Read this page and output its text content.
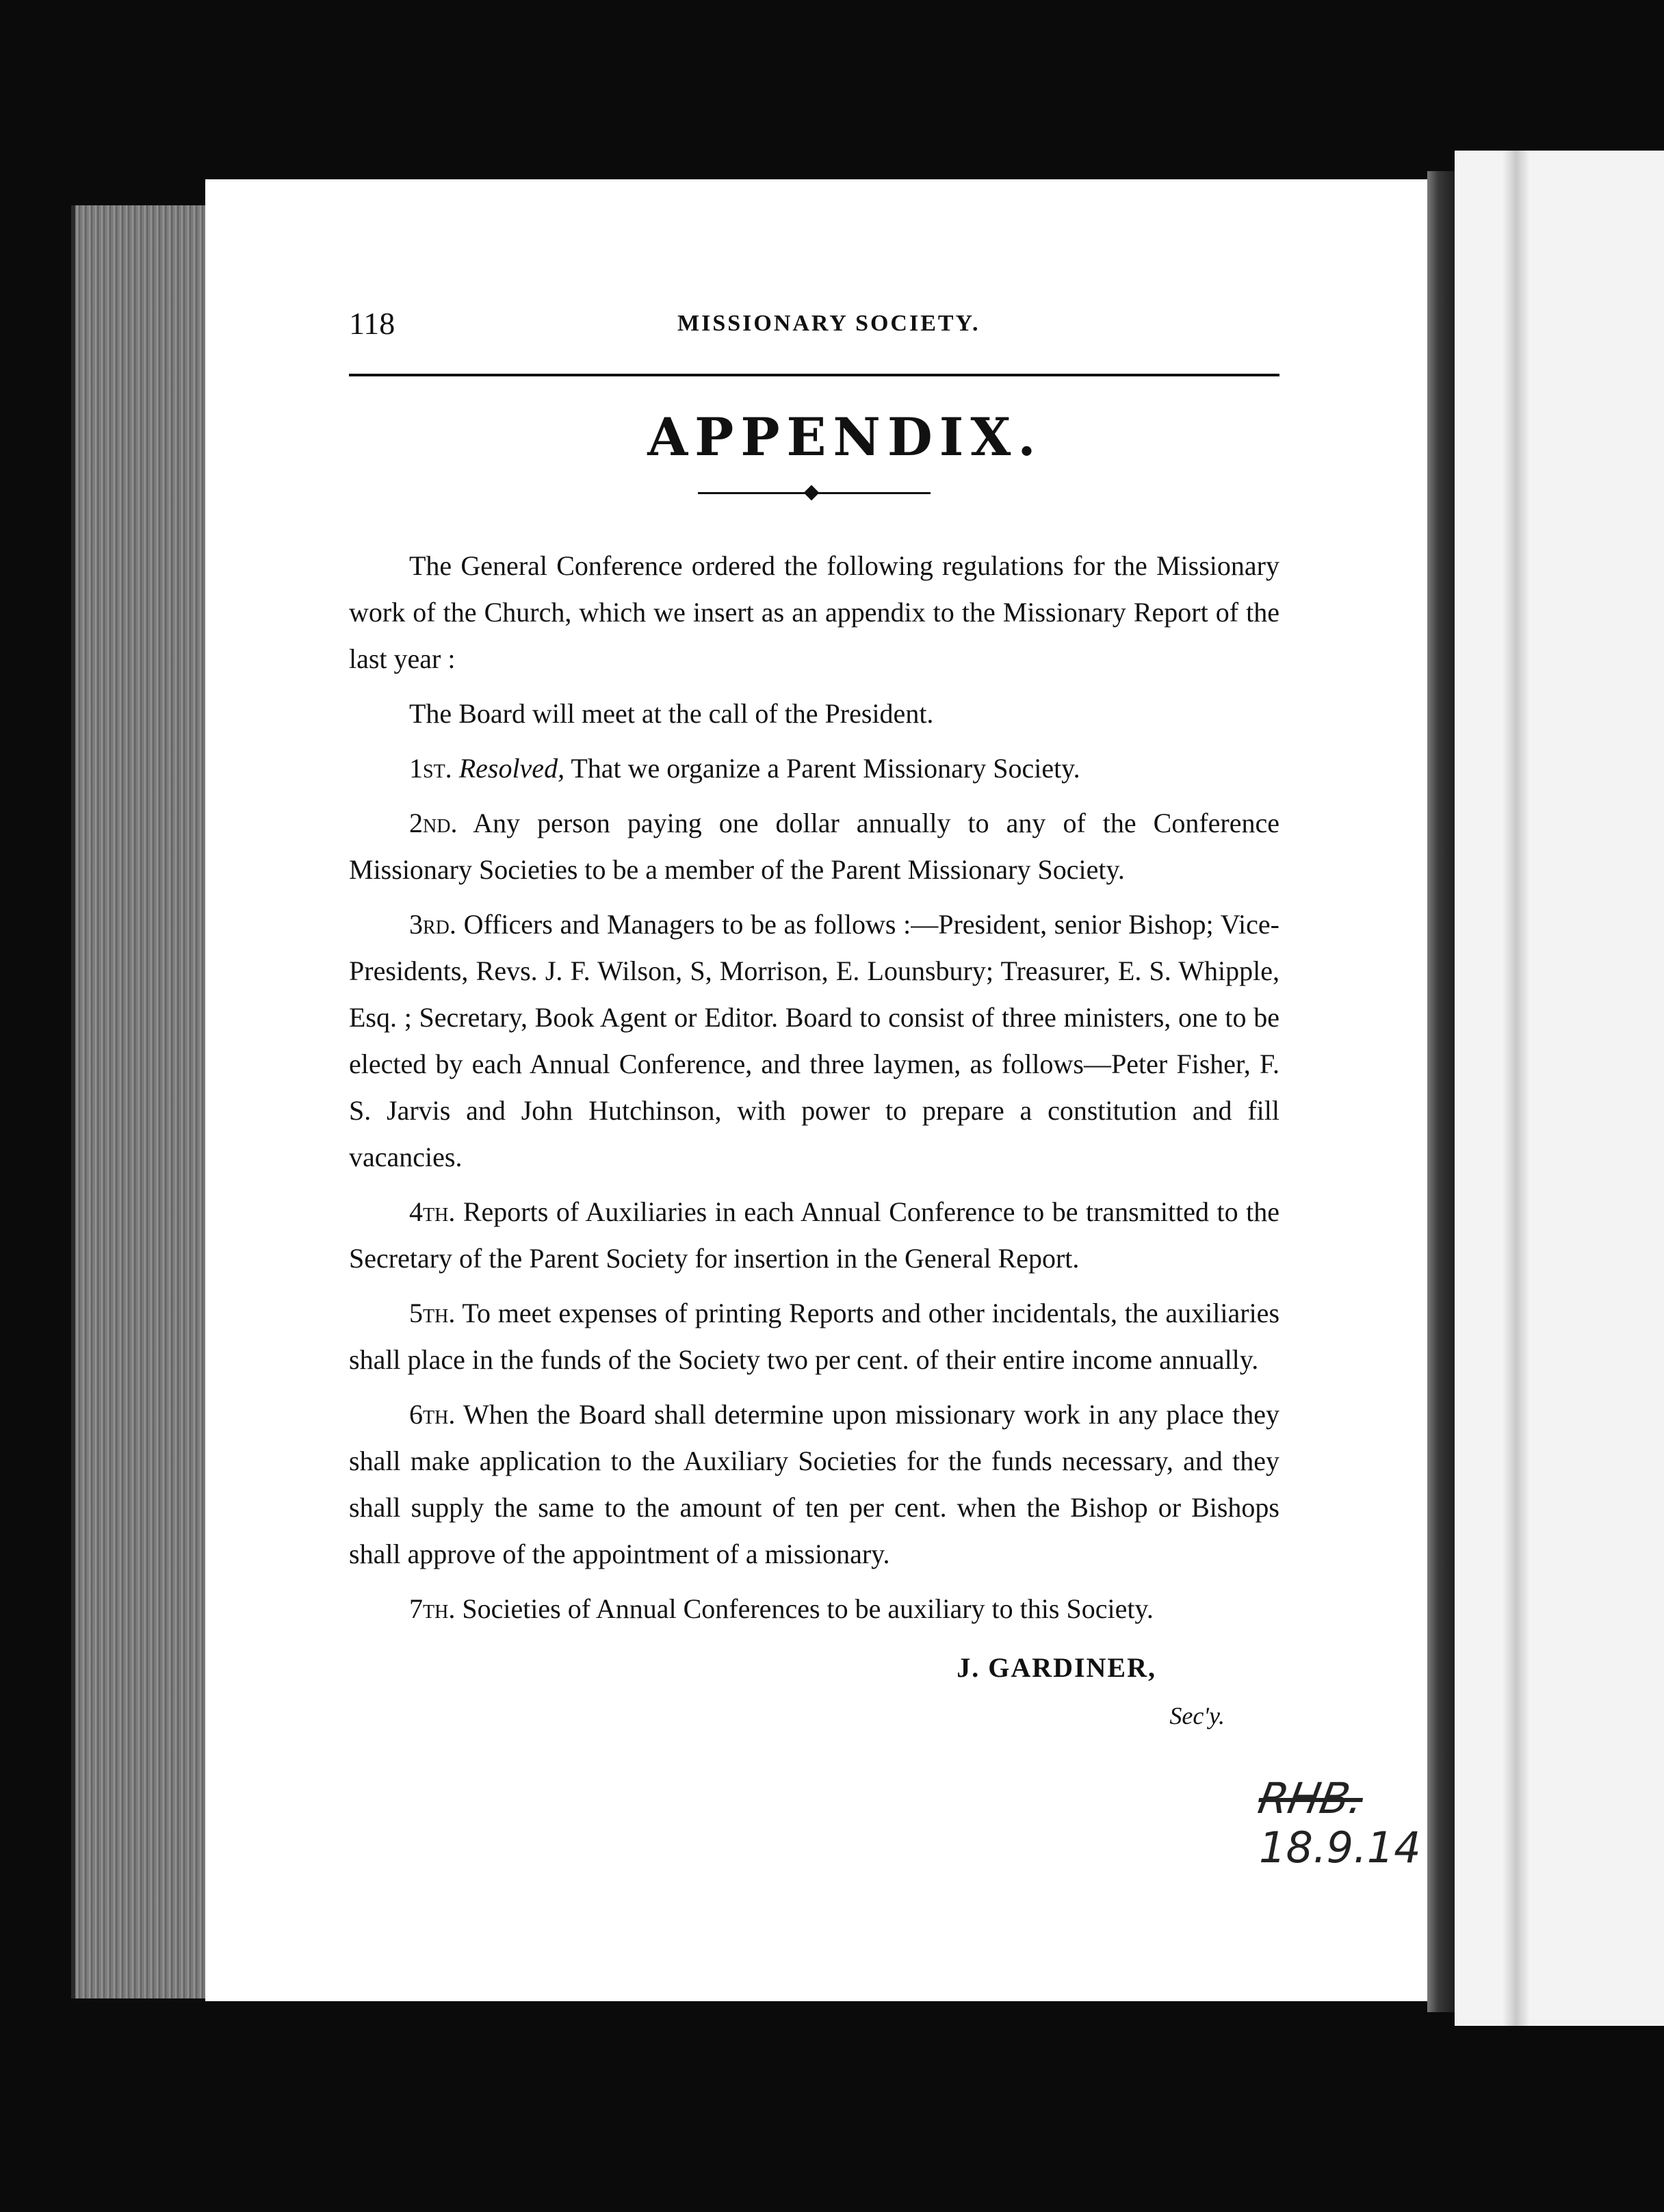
118	MISSIONARY SOCIETY.
APPENDIX.

The General Conference ordered the following regulations for the Missionary work of the Church, which we insert as an appendix to the Missionary Report of the last year :

The Board will meet at the call of the President.

1st. Resolved, That we organize a Parent Missionary Society.

2nd. Any person paying one dollar annually to any of the Conference Missionary Societies to be a member of the Parent Missionary Society.

3rd. Officers and Managers to be as follows :—President, senior Bishop; Vice-Presidents, Revs. J. F. Wilson, S, Morrison, E. Lounsbury; Treasurer, E. S. Whipple, Esq. ; Secretary, Book Agent or Editor. Board to consist of three ministers, one to be elected by each Annual Conference, and three laymen, as follows—Peter Fisher, F. S. Jarvis and John Hutchinson, with power to prepare a constitution and fill vacancies.

4th. Reports of Auxiliaries in each Annual Conference to be transmitted to the Secretary of the Parent Society for insertion in the General Report.

5th. To meet expenses of printing Reports and other incidentals, the auxiliaries shall place in the funds of the Society two per cent. of their entire income annually.

6th. When the Board shall determine upon missionary work in any place they shall make application to the Auxiliary Societies for the funds necessary, and they shall supply the same to the amount of ten per cent. when the Bishop or Bishops shall approve of the appointment of a missionary.

7th. Societies of Annual Conferences to be auxiliary to this Society.

J. GARDINER,
Sec'y.
RHB.
18.9.14
